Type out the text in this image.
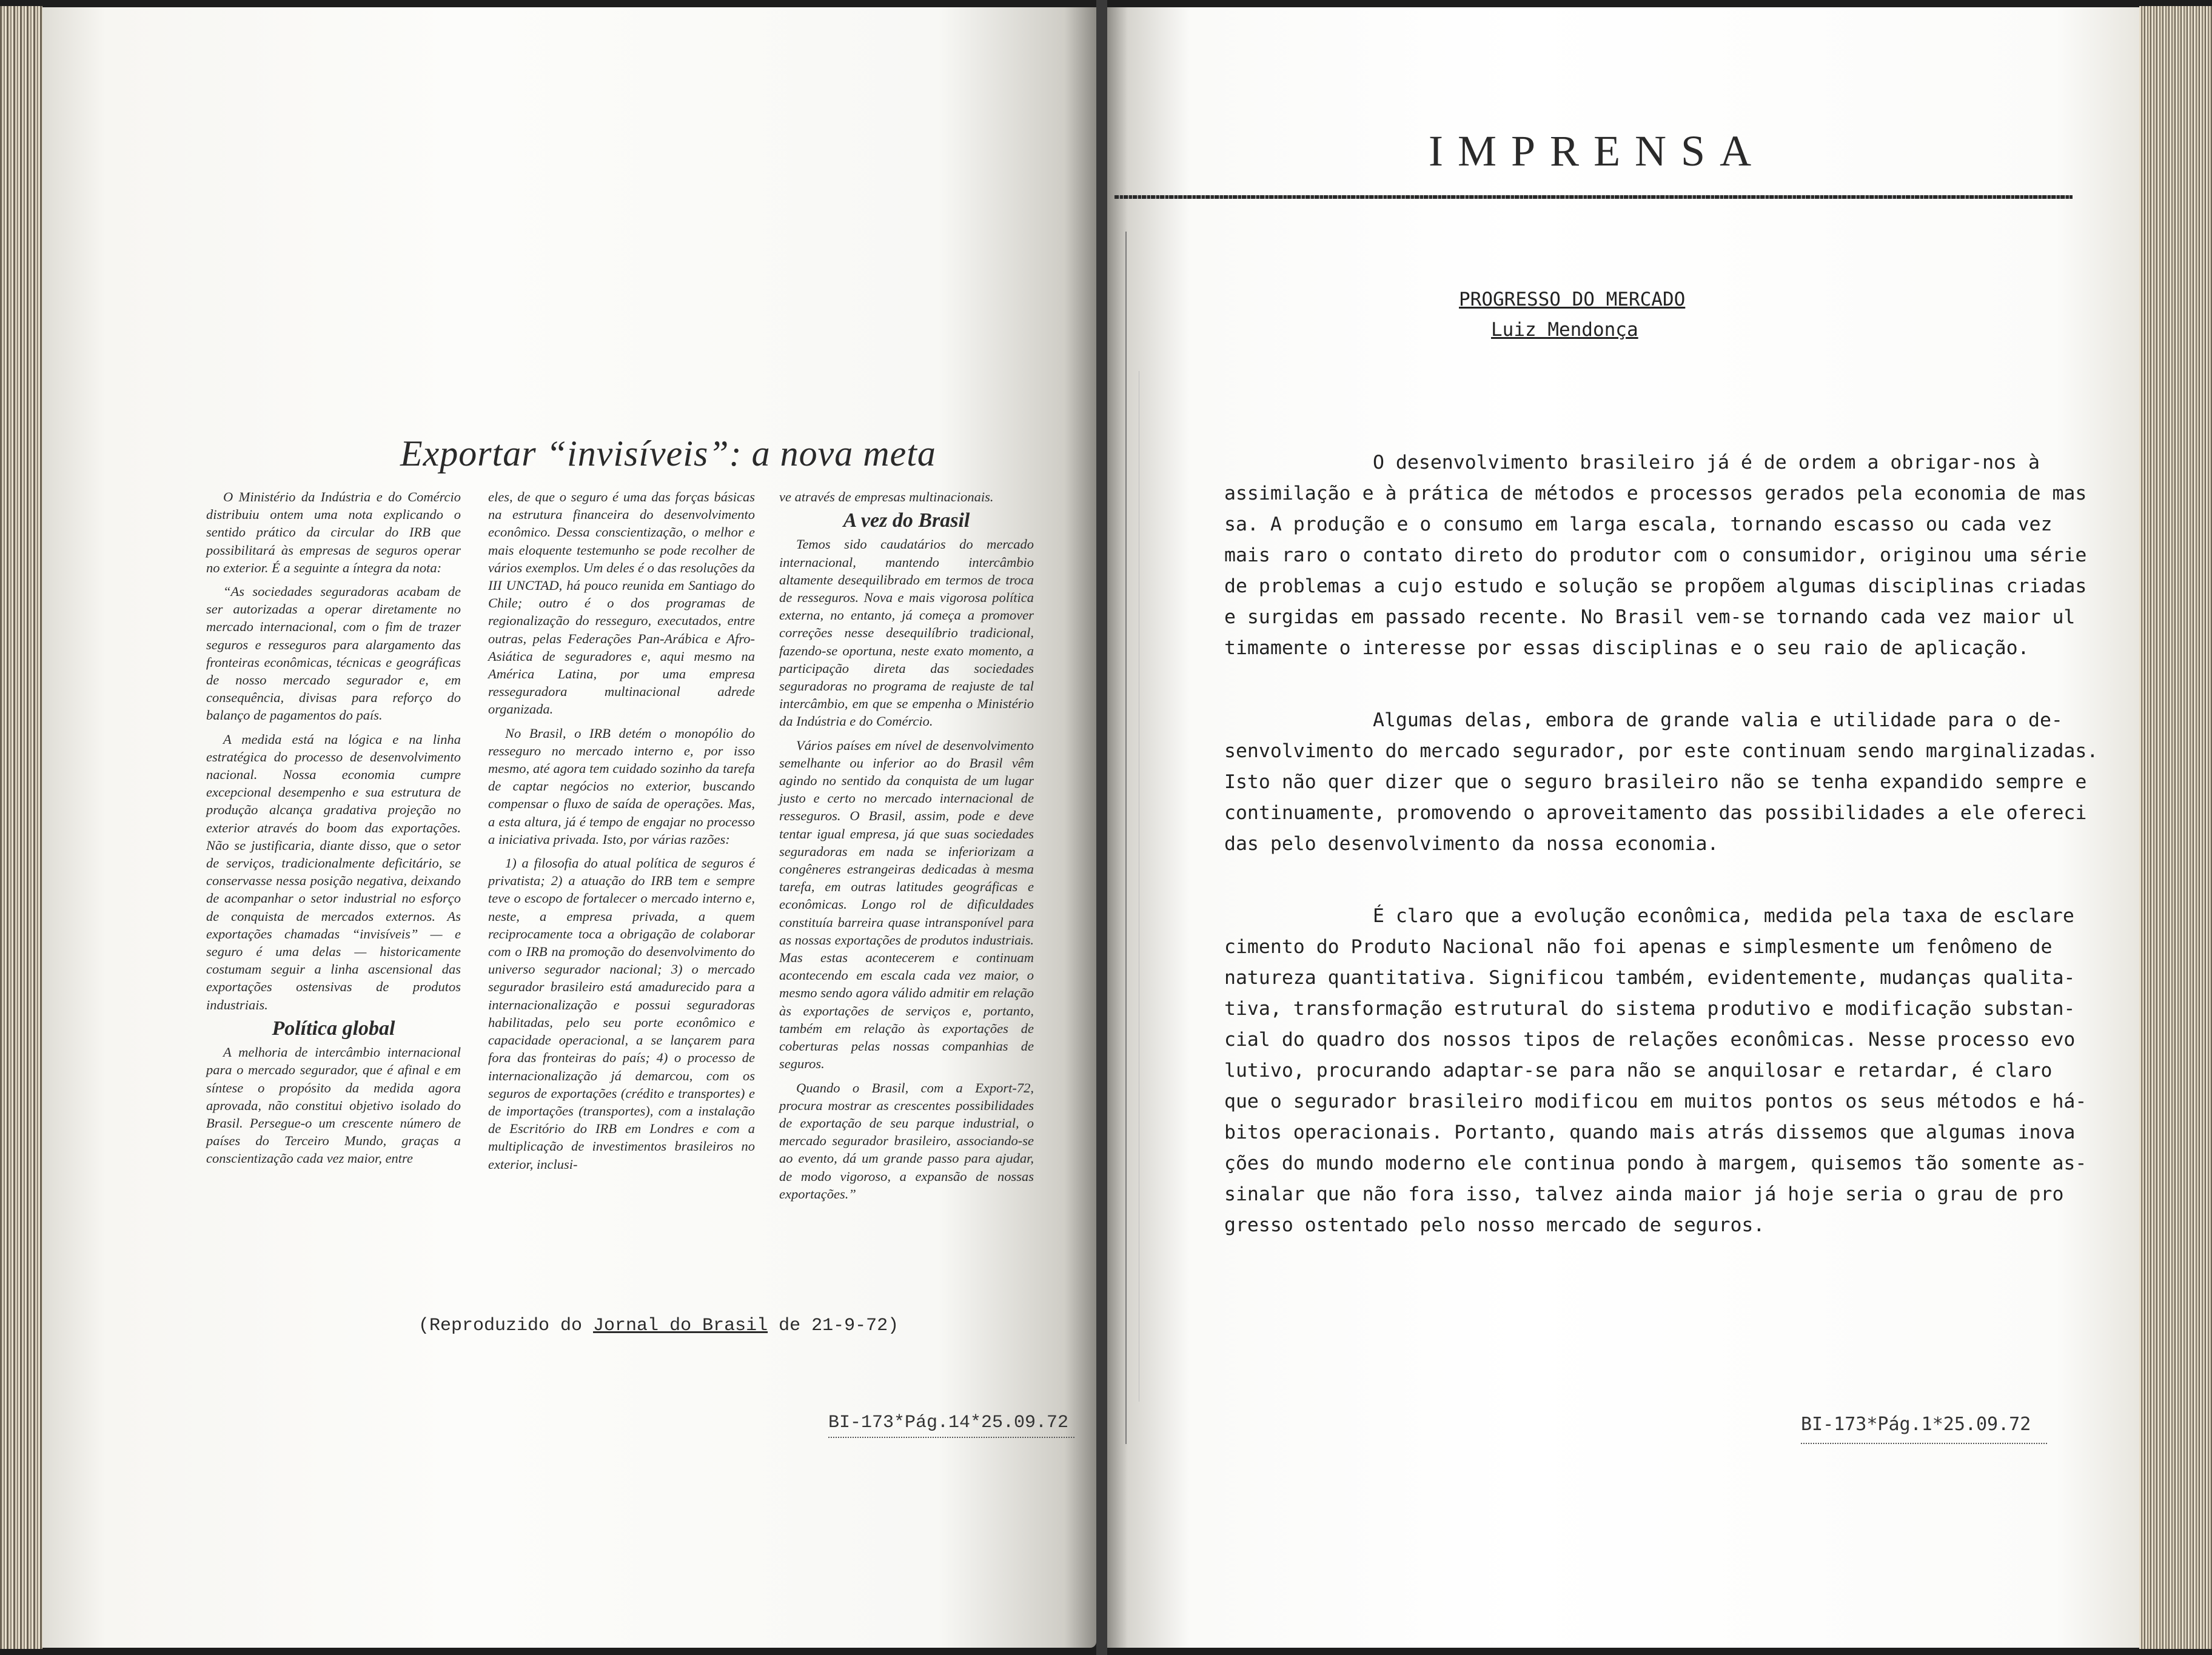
Exportar “invisíveis”: a nova meta

O Ministério da Indústria e do Comércio distribuiu ontem uma nota explicando o sentido prático da circular do IRB que possibilitará às empresas de seguros operar no exterior. É a seguinte a íntegra da nota:

“As sociedades seguradoras acabam de ser autorizadas a operar diretamente no mercado internacional, com o fim de trazer seguros e resseguros para alargamento das fronteiras econômicas, técnicas e geográficas de nosso mercado segurador e, em consequência, divisas para reforço do balanço de pagamentos do país.

A medida está na lógica e na linha estratégica do processo de desenvolvimento nacional. Nossa economia cumpre excepcional desempenho e sua estrutura de produção alcança gradativa projeção no exterior através do boom das exportações. Não se justificaria, diante disso, que o setor de serviços, tradicionalmente deficitário, se conservasse nessa posição negativa, deixando de acompanhar o setor industrial no esforço de conquista de mercados externos. As exportações chamadas “invisíveis” — e seguro é uma delas — historicamente costumam seguir a linha ascensional das exportações ostensivas de produtos industriais.

Política global

A melhoria de intercâmbio internacional para o mercado segurador, que é afinal e em síntese o propósito da medida agora aprovada, não constitui objetivo isolado do Brasil. Persegue-o um crescente número de países do Terceiro Mundo, graças a conscientização cada vez maior, entre

eles, de que o seguro é uma das forças básicas na estrutura financeira do desenvolvimento econômico. Dessa conscientização, o melhor e mais eloquente testemunho se pode recolher de vários exemplos. Um deles é o das resoluções da III UNCTAD, há pouco reunida em Santiago do Chile; outro é o dos programas de regionalização do resseguro, executados, entre outras, pelas Federações Pan-Arábica e Afro-Asiática de seguradores e, aqui mesmo na América Latina, por uma empresa resseguradora multinacional adrede organizada.

No Brasil, o IRB detém o monopólio do resseguro no mercado interno e, por isso mesmo, até agora tem cuidado sozinho da tarefa de captar negócios no exterior, buscando compensar o fluxo de saída de operações. Mas, a esta altura, já é tempo de engajar no processo a iniciativa privada. Isto, por várias razões:

1) a filosofia do atual política de seguros é privatista; 2) a atuação do IRB tem e sempre teve o escopo de fortalecer o mercado interno e, neste, a empresa privada, a quem reciprocamente toca a obrigação de colaborar com o IRB na promoção do desenvolvimento do universo segurador nacional; 3) o mercado segurador brasileiro está amadurecido para a internacionalização e possui seguradoras habilitadas, pelo seu porte econômico e capacidade operacional, a se lançarem para fora das fronteiras do país; 4) o processo de internacionalização já demarcou, com os seguros de exportações (crédito e transportes) e de importações (transportes), com a instalação de Escritório do IRB em Londres e com a multiplicação de investimentos brasileiros no exterior, inclusi-

ve através de empresas multinacionais.

A vez do Brasil

Temos sido caudatários do mercado internacional, mantendo intercâmbio altamente desequilibrado em termos de troca de resseguros. Nova e mais vigorosa política externa, no entanto, já começa a promover correções nesse desequilíbrio tradicional, fazendo-se oportuna, neste exato momento, a participação direta das sociedades seguradoras no programa de reajuste de tal intercâmbio, em que se empenha o Ministério da Indústria e do Comércio.

Vários países em nível de desenvolvimento semelhante ou inferior ao do Brasil vêm agindo no sentido da conquista de um lugar justo e certo no mercado internacional de resseguros. O Brasil, assim, pode e deve tentar igual empresa, já que suas sociedades seguradoras em nada se inferiorizam a congêneres estrangeiras dedicadas à mesma tarefa, em outras latitudes geográficas e econômicas. Longo rol de dificuldades constituía barreira quase intransponível para as nossas exportações de produtos industriais. Mas estas acontecerem e continuam acontecendo em escala cada vez maior, o mesmo sendo agora válido admitir em relação às exportações de serviços e, portanto, também em relação às exportações de coberturas pelas nossas companhias de seguros.

Quando o Brasil, com a Export-72, procura mostrar as crescentes possibilidades de exportação de seu parque industrial, o mercado segurador brasileiro, associando-se ao evento, dá um grande passo para ajudar, de modo vigoroso, a expansão de nossas exportações.”

(Reproduzido do Jornal do Brasil de 21-9-72)
BI-173*Pág.14*25.09.72
IMPRENSA
PROGRESSO DO MERCADO
Luiz Mendonça
O desenvolvimento brasileiro já é de ordem a obrigar-nos à
assimilação e à prática de métodos e processos gerados pela economia de mas
sa. A produção e o consumo em larga escala, tornando escasso ou cada vez
mais raro o contato direto do produtor com o consumidor, originou uma série
de problemas a cujo estudo e solução se propõem algumas disciplinas criadas
e surgidas em passado recente. No Brasil vem-se tornando cada vez maior ul
timamente o interesse por essas disciplinas e o seu raio de aplicação.
Algumas delas, embora de grande valia e utilidade para o de-
senvolvimento do mercado segurador, por este continuam sendo marginalizadas.
Isto não quer dizer que o seguro brasileiro não se tenha expandido sempre e
continuamente, promovendo o aproveitamento das possibilidades a ele ofereci
das pelo desenvolvimento da nossa economia.
É claro que a evolução econômica, medida pela taxa de esclare
cimento do Produto Nacional não foi apenas e simplesmente um fenômeno de
natureza quantitativa. Significou também, evidentemente, mudanças qualita-
tiva, transformação estrutural do sistema produtivo e modificação substan-
cial do quadro dos nossos tipos de relações econômicas. Nesse processo evo
lutivo, procurando adaptar-se para não se anquilosar e retardar, é claro
que o segurador brasileiro modificou em muitos pontos os seus métodos e há-
bitos operacionais. Portanto, quando mais atrás dissemos que algumas inova
ções do mundo moderno ele continua pondo à margem, quisemos tão somente as-
sinalar que não fora isso, talvez ainda maior já hoje seria o grau de pro
gresso ostentado pelo nosso mercado de seguros.
BI-173*Pág.1*25.09.72
